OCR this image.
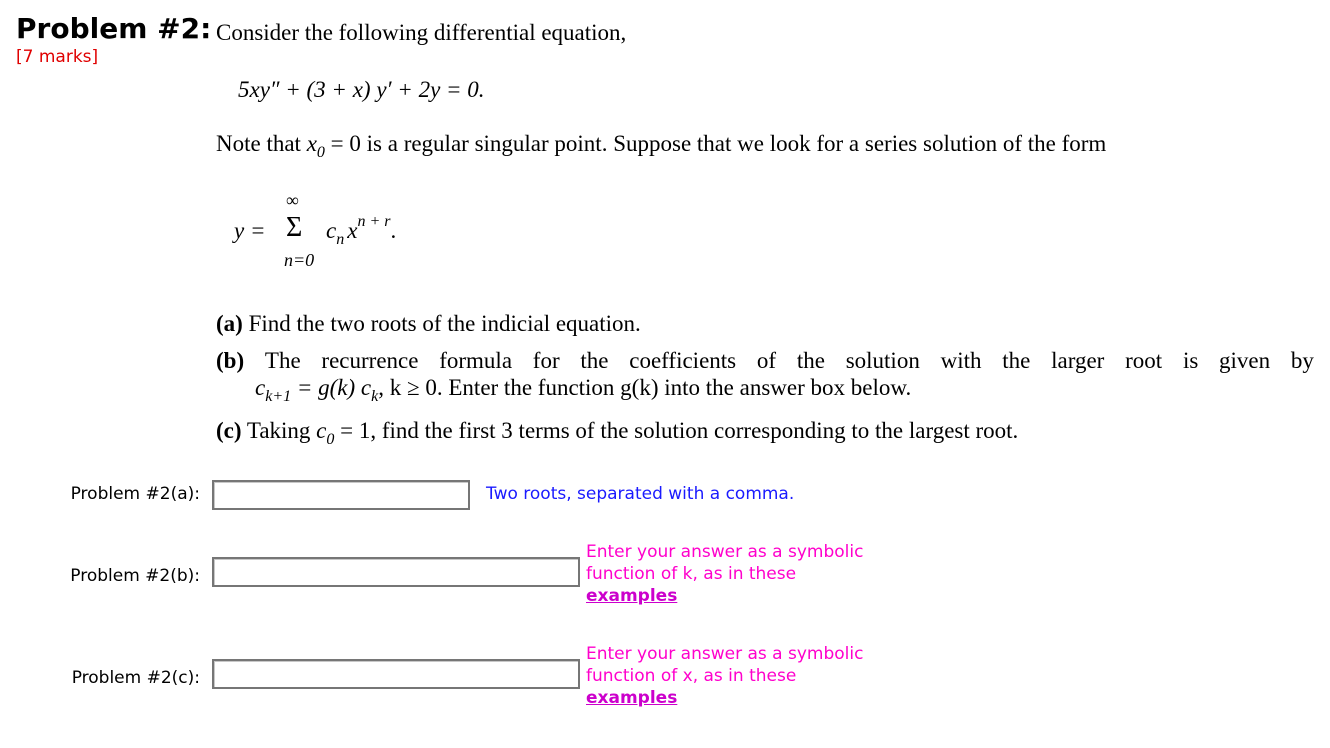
Problem #2: Consider the following differential equation,
[7 marks]
5xy″ + (3 + x) y′ + 2y = 0.
Note that $x_0 = 0$ is a regular singular point. Suppose that we look for a series solution of the form
∞
y = Σ
n=0
$c_n$ $x^{n + r}$.
(a) Find the two roots of the indicial equation.
(b) The recurrence formula for the coefficients of the solution with the larger root is given by
$c_{k+1} = g(k)$ $c_k$, k ≥ 0. Enter the function g(k) into the answer box below.
(c) Taking $c_0 = 1$, find the first 3 terms of the solution corresponding to the largest root.
Problem #2(a):	Two roots, separated with a comma.
Problem #2(b):
Enter your answer as a symbolic function of k, as in these examples
Problem #2(c):
Enter your answer as a symbolic function of x, as in these examples
